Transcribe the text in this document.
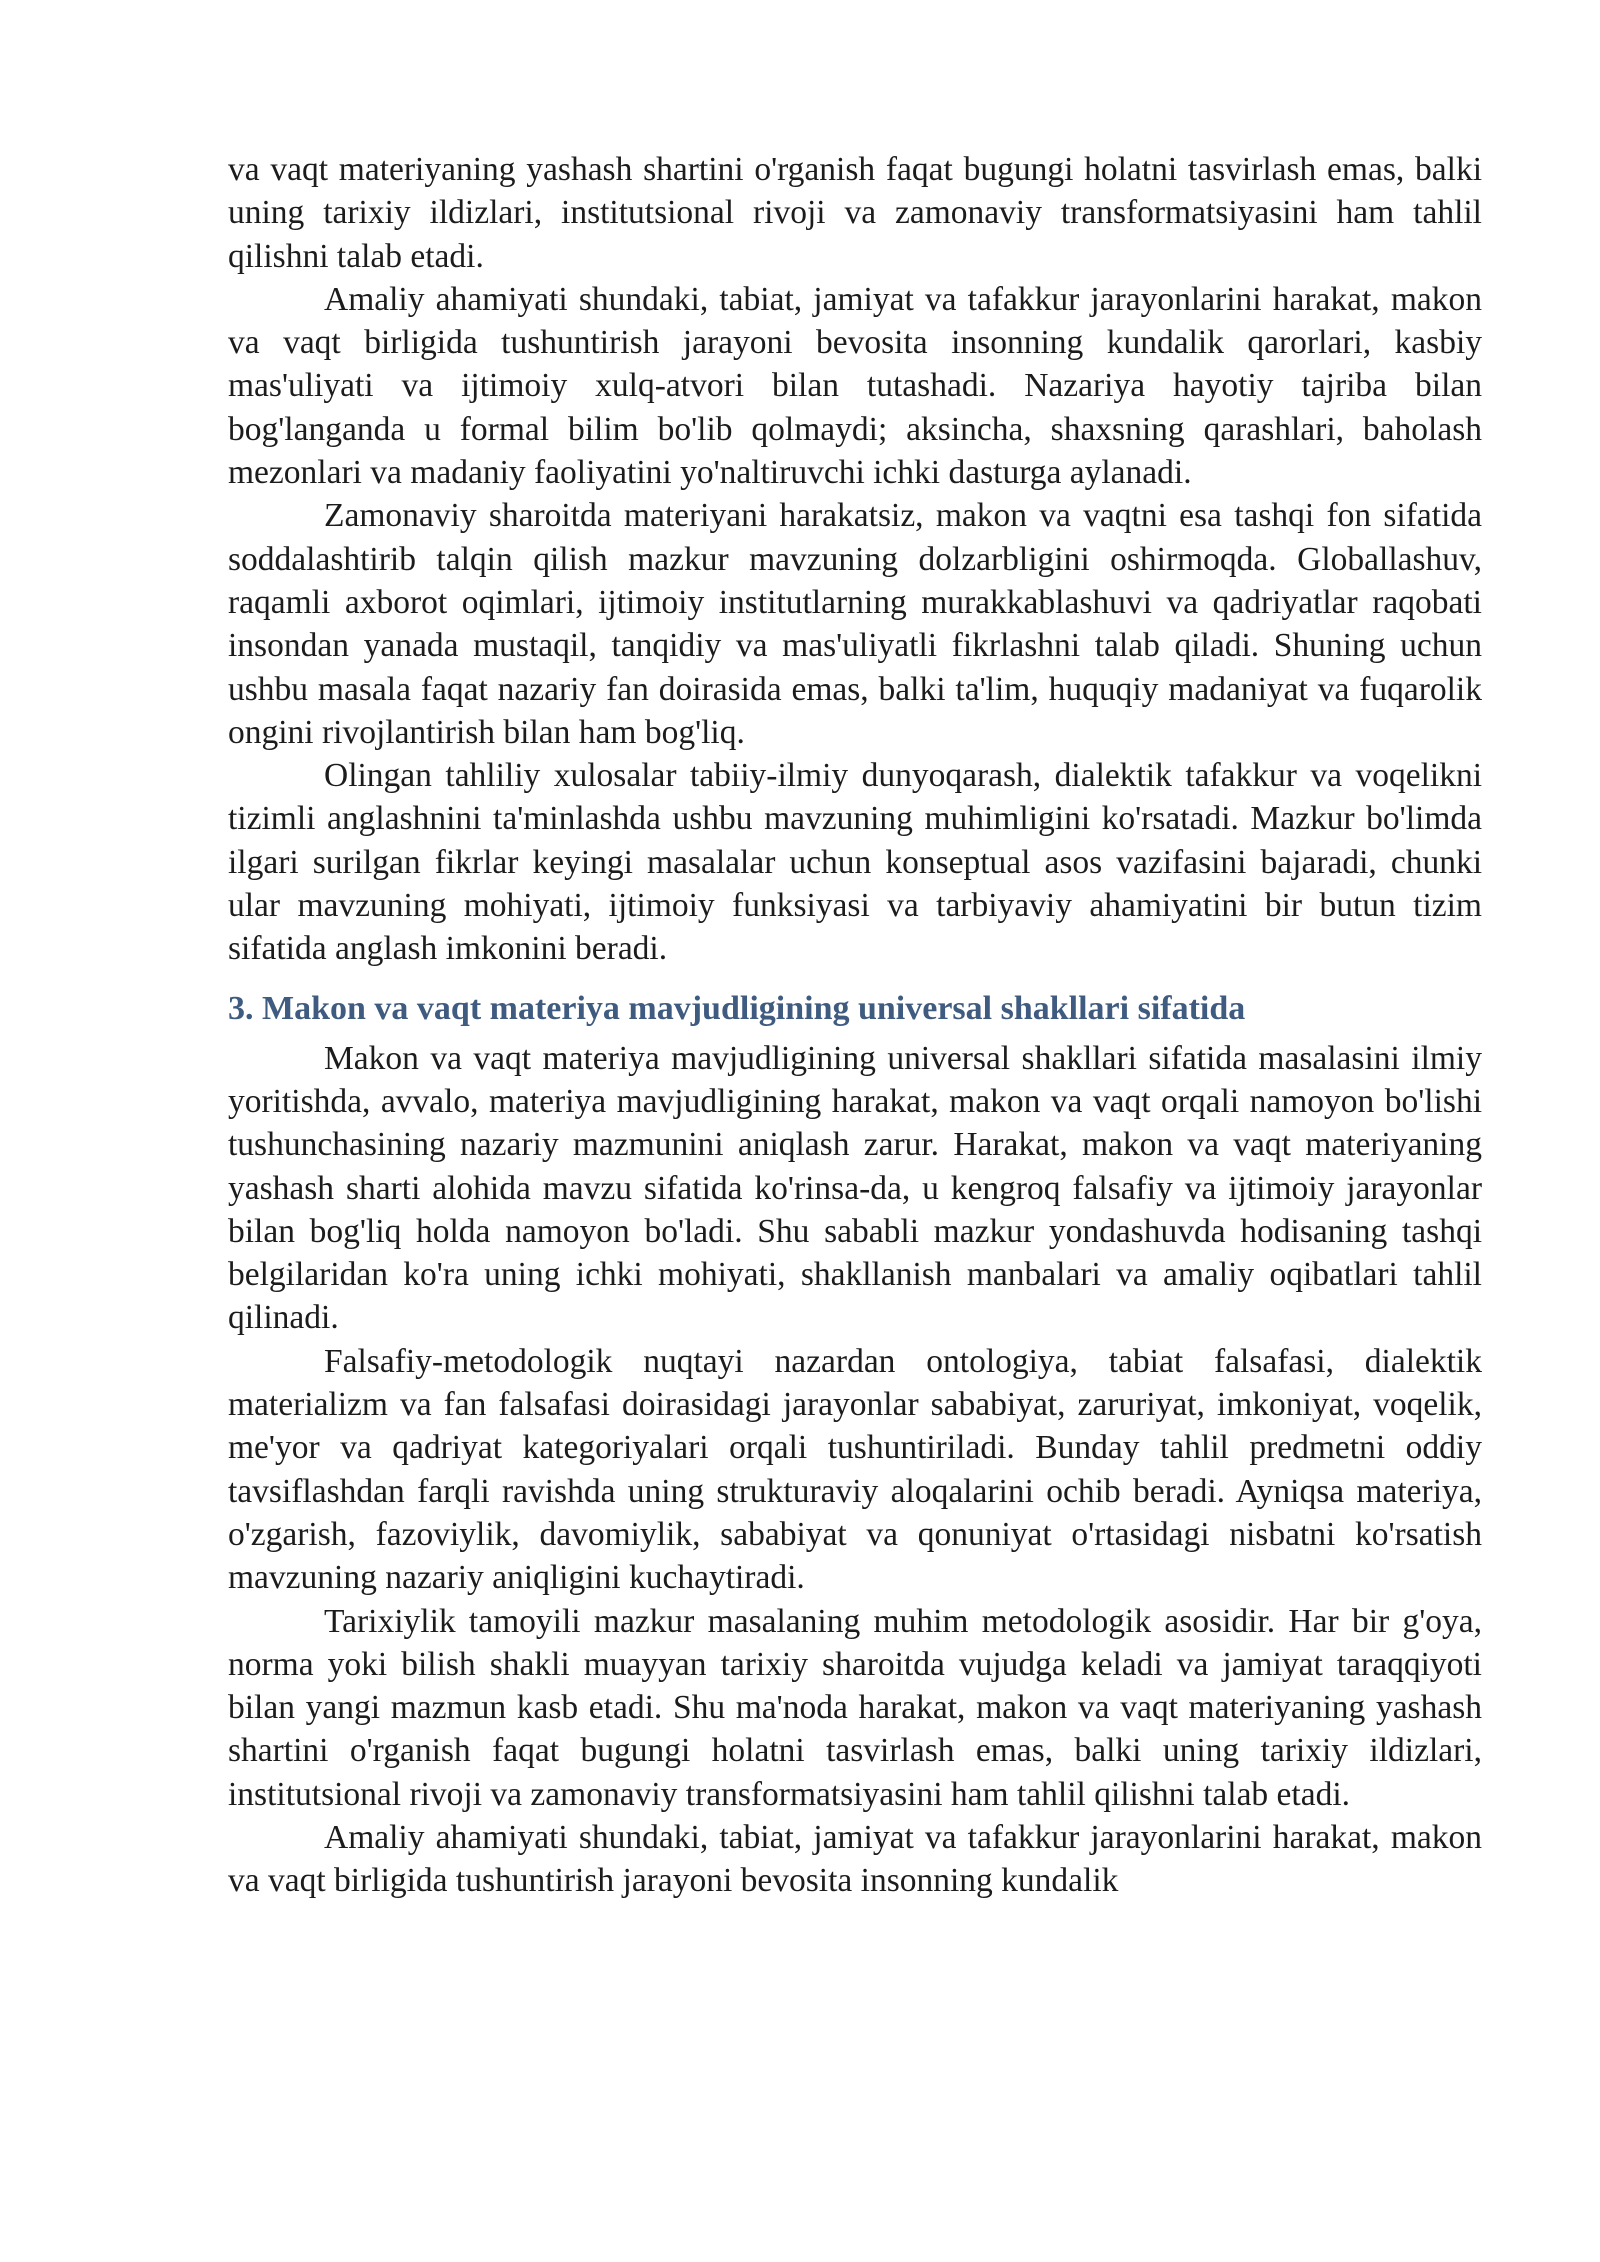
va vaqt materiyaning yashash shartini o'rganish faqat bugungi holatni tasvirlash emas, balki uning tarixiy ildizlari, institutsional rivoji va zamonaviy transformatsiyasini ham tahlil qilishni talab etadi.

Amaliy ahamiyati shundaki, tabiat, jamiyat va tafakkur jarayonlarini harakat, makon va vaqt birligida tushuntirish jarayoni bevosita insonning kundalik qarorlari, kasbiy mas'uliyati va ijtimoiy xulq-atvori bilan tutashadi. Nazariya hayotiy tajriba bilan bog'langanda u formal bilim bo'lib qolmaydi; aksincha, shaxsning qarashlari, baholash mezonlari va madaniy faoliyatini yo'naltiruvchi ichki dasturga aylanadi.

Zamonaviy sharoitda materiyani harakatsiz, makon va vaqtni esa tashqi fon sifatida soddalashtirib talqin qilish mazkur mavzuning dolzarbligini oshirmoqda. Globallashuv, raqamli axborot oqimlari, ijtimoiy institutlarning murakkablashuvi va qadriyatlar raqobati insondan yanada mustaqil, tanqidiy va mas'uliyatli fikrlashni talab qiladi. Shuning uchun ushbu masala faqat nazariy fan doirasida emas, balki ta'lim, huquqiy madaniyat va fuqarolik ongini rivojlantirish bilan ham bog'liq.

Olingan tahliliy xulosalar tabiiy-ilmiy dunyoqarash, dialektik tafakkur va voqelikni tizimli anglashnini ta'minlashda ushbu mavzuning muhimligini ko'rsatadi. Mazkur bo'limda ilgari surilgan fikrlar keyingi masalalar uchun konseptual asos vazifasini bajaradi, chunki ular mavzuning mohiyati, ijtimoiy funksiyasi va tarbiyaviy ahamiyatini bir butun tizim sifatida anglash imkonini beradi.

3. Makon va vaqt materiya mavjudligining universal shakllari sifatida

Makon va vaqt materiya mavjudligining universal shakllari sifatida masalasini ilmiy yoritishda, avvalo, materiya mavjudligining harakat, makon va vaqt orqali namoyon bo'lishi tushunchasining nazariy mazmunini aniqlash zarur. Harakat, makon va vaqt materiyaning yashash sharti alohida mavzu sifatida ko'rinsa-da, u kengroq falsafiy va ijtimoiy jarayonlar bilan bog'liq holda namoyon bo'ladi. Shu sababli mazkur yondashuvda hodisaning tashqi belgilaridan ko'ra uning ichki mohiyati, shakllanish manbalari va amaliy oqibatlari tahlil qilinadi.

Falsafiy-metodologik nuqtayi nazardan ontologiya, tabiat falsafasi, dialektik materializm va fan falsafasi doirasidagi jarayonlar sababiyat, zaruriyat, imkoniyat, voqelik, me'yor va qadriyat kategoriyalari orqali tushuntiriladi. Bunday tahlil predmetni oddiy tavsiflashdan farqli ravishda uning strukturaviy aloqalarini ochib beradi. Ayniqsa materiya, o'zgarish, fazoviylik, davomiylik, sababiyat va qonuniyat o'rtasidagi nisbatni ko'rsatish mavzuning nazariy aniqligini kuchaytiradi.

Tarixiylik tamoyili mazkur masalaning muhim metodologik asosidir. Har bir g'oya, norma yoki bilish shakli muayyan tarixiy sharoitda vujudga keladi va jamiyat taraqqiyoti bilan yangi mazmun kasb etadi. Shu ma'noda harakat, makon va vaqt materiyaning yashash shartini o'rganish faqat bugungi holatni tasvirlash emas, balki uning tarixiy ildizlari, institutsional rivoji va zamonaviy transformatsiyasini ham tahlil qilishni talab etadi.

Amaliy ahamiyati shundaki, tabiat, jamiyat va tafakkur jarayonlarini harakat, makon va vaqt birligida tushuntirish jarayoni bevosita insonning kundalik
